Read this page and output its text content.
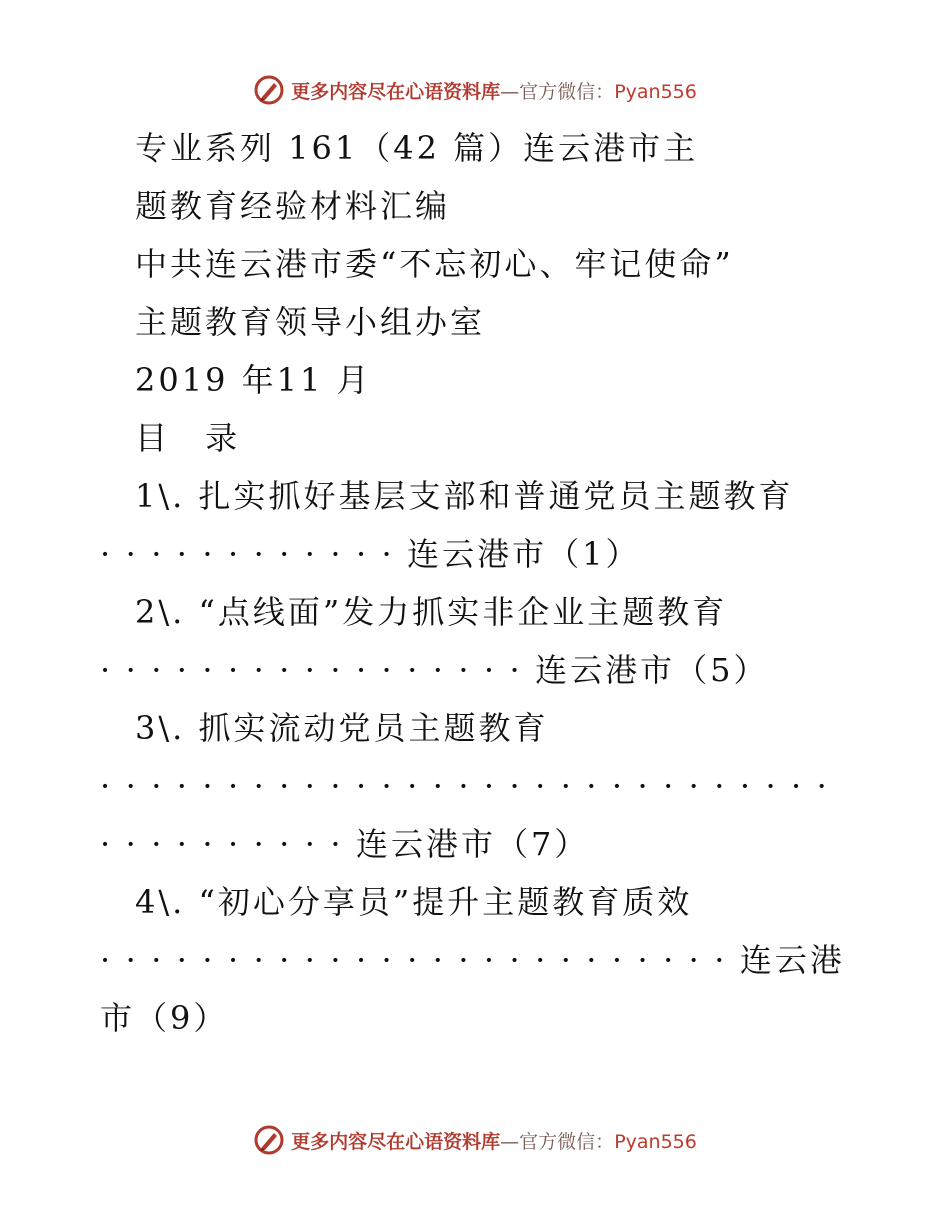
更多内容尽在心语资料库—官方微信：Pyan556
专业系列 161（42 篇）连云港市主
题教育经验材料汇编
中共连云港市委“不忘初心、牢记使命”
主题教育领导小组办室
2019 年11 月
目 录
1\. 扎实抓好基层支部和普通党员主题教育
· · · · · · · · · · · · 连云港市（1）
2\. “点线面”发力抓实非企业主题教育
· · · · · · · · · · · · · · · · · 连云港市（5）
3\. 抓实流动党员主题教育
· · · · · · · · · · · · · · · · · · · · · · · · · · · · ·
· · · · · · · · · · 连云港市（7）
4\. “初心分享员”提升主题教育质效
· · · · · · · · · · · · · · · · · · · · · · · · · 连云港
市（9）
更多内容尽在心语资料库—官方微信：Pyan556
